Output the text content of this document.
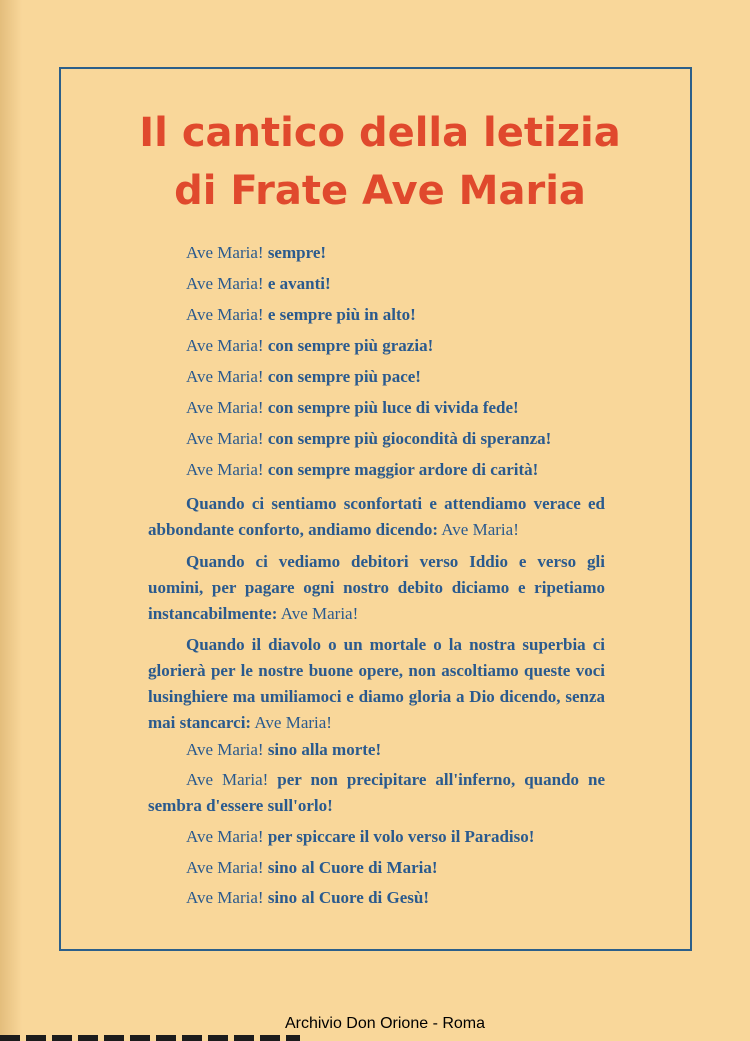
Il cantico della letizia
di Frate Ave Maria
Ave Maria! sempre!
Ave Maria! e avanti!
Ave Maria! e sempre più in alto!
Ave Maria! con sempre più grazia!
Ave Maria! con sempre più pace!
Ave Maria! con sempre più luce di vivida fede!
Ave Maria! con sempre più giocondità di speranza!
Ave Maria! con sempre maggior ardore di carità!

Quando ci sentiamo sconfortati e attendiamo verace ed abbondante conforto, andiamo dicendo: Ave Maria!

Quando ci vediamo debitori verso Iddio e verso gli uomini, per pagare ogni nostro debito diciamo e ripetiamo instancabilmente: Ave Maria!

Quando il diavolo o un mortale o la nostra superbia ci glorierà per le nostre buone opere, non ascoltiamo queste voci lusinghiere ma umiliamoci e diamo gloria a Dio dicendo, senza mai stancarci: Ave Maria!

Ave Maria! sino alla morte!

Ave Maria! per non precipitare all'inferno, quando ne sembra d'essere sull'orlo!

Ave Maria! per spiccare il volo verso il Paradiso!
Ave Maria! sino al Cuore di Maria!
Ave Maria! sino al Cuore di Gesù!
Archivio Don Orione - Roma
